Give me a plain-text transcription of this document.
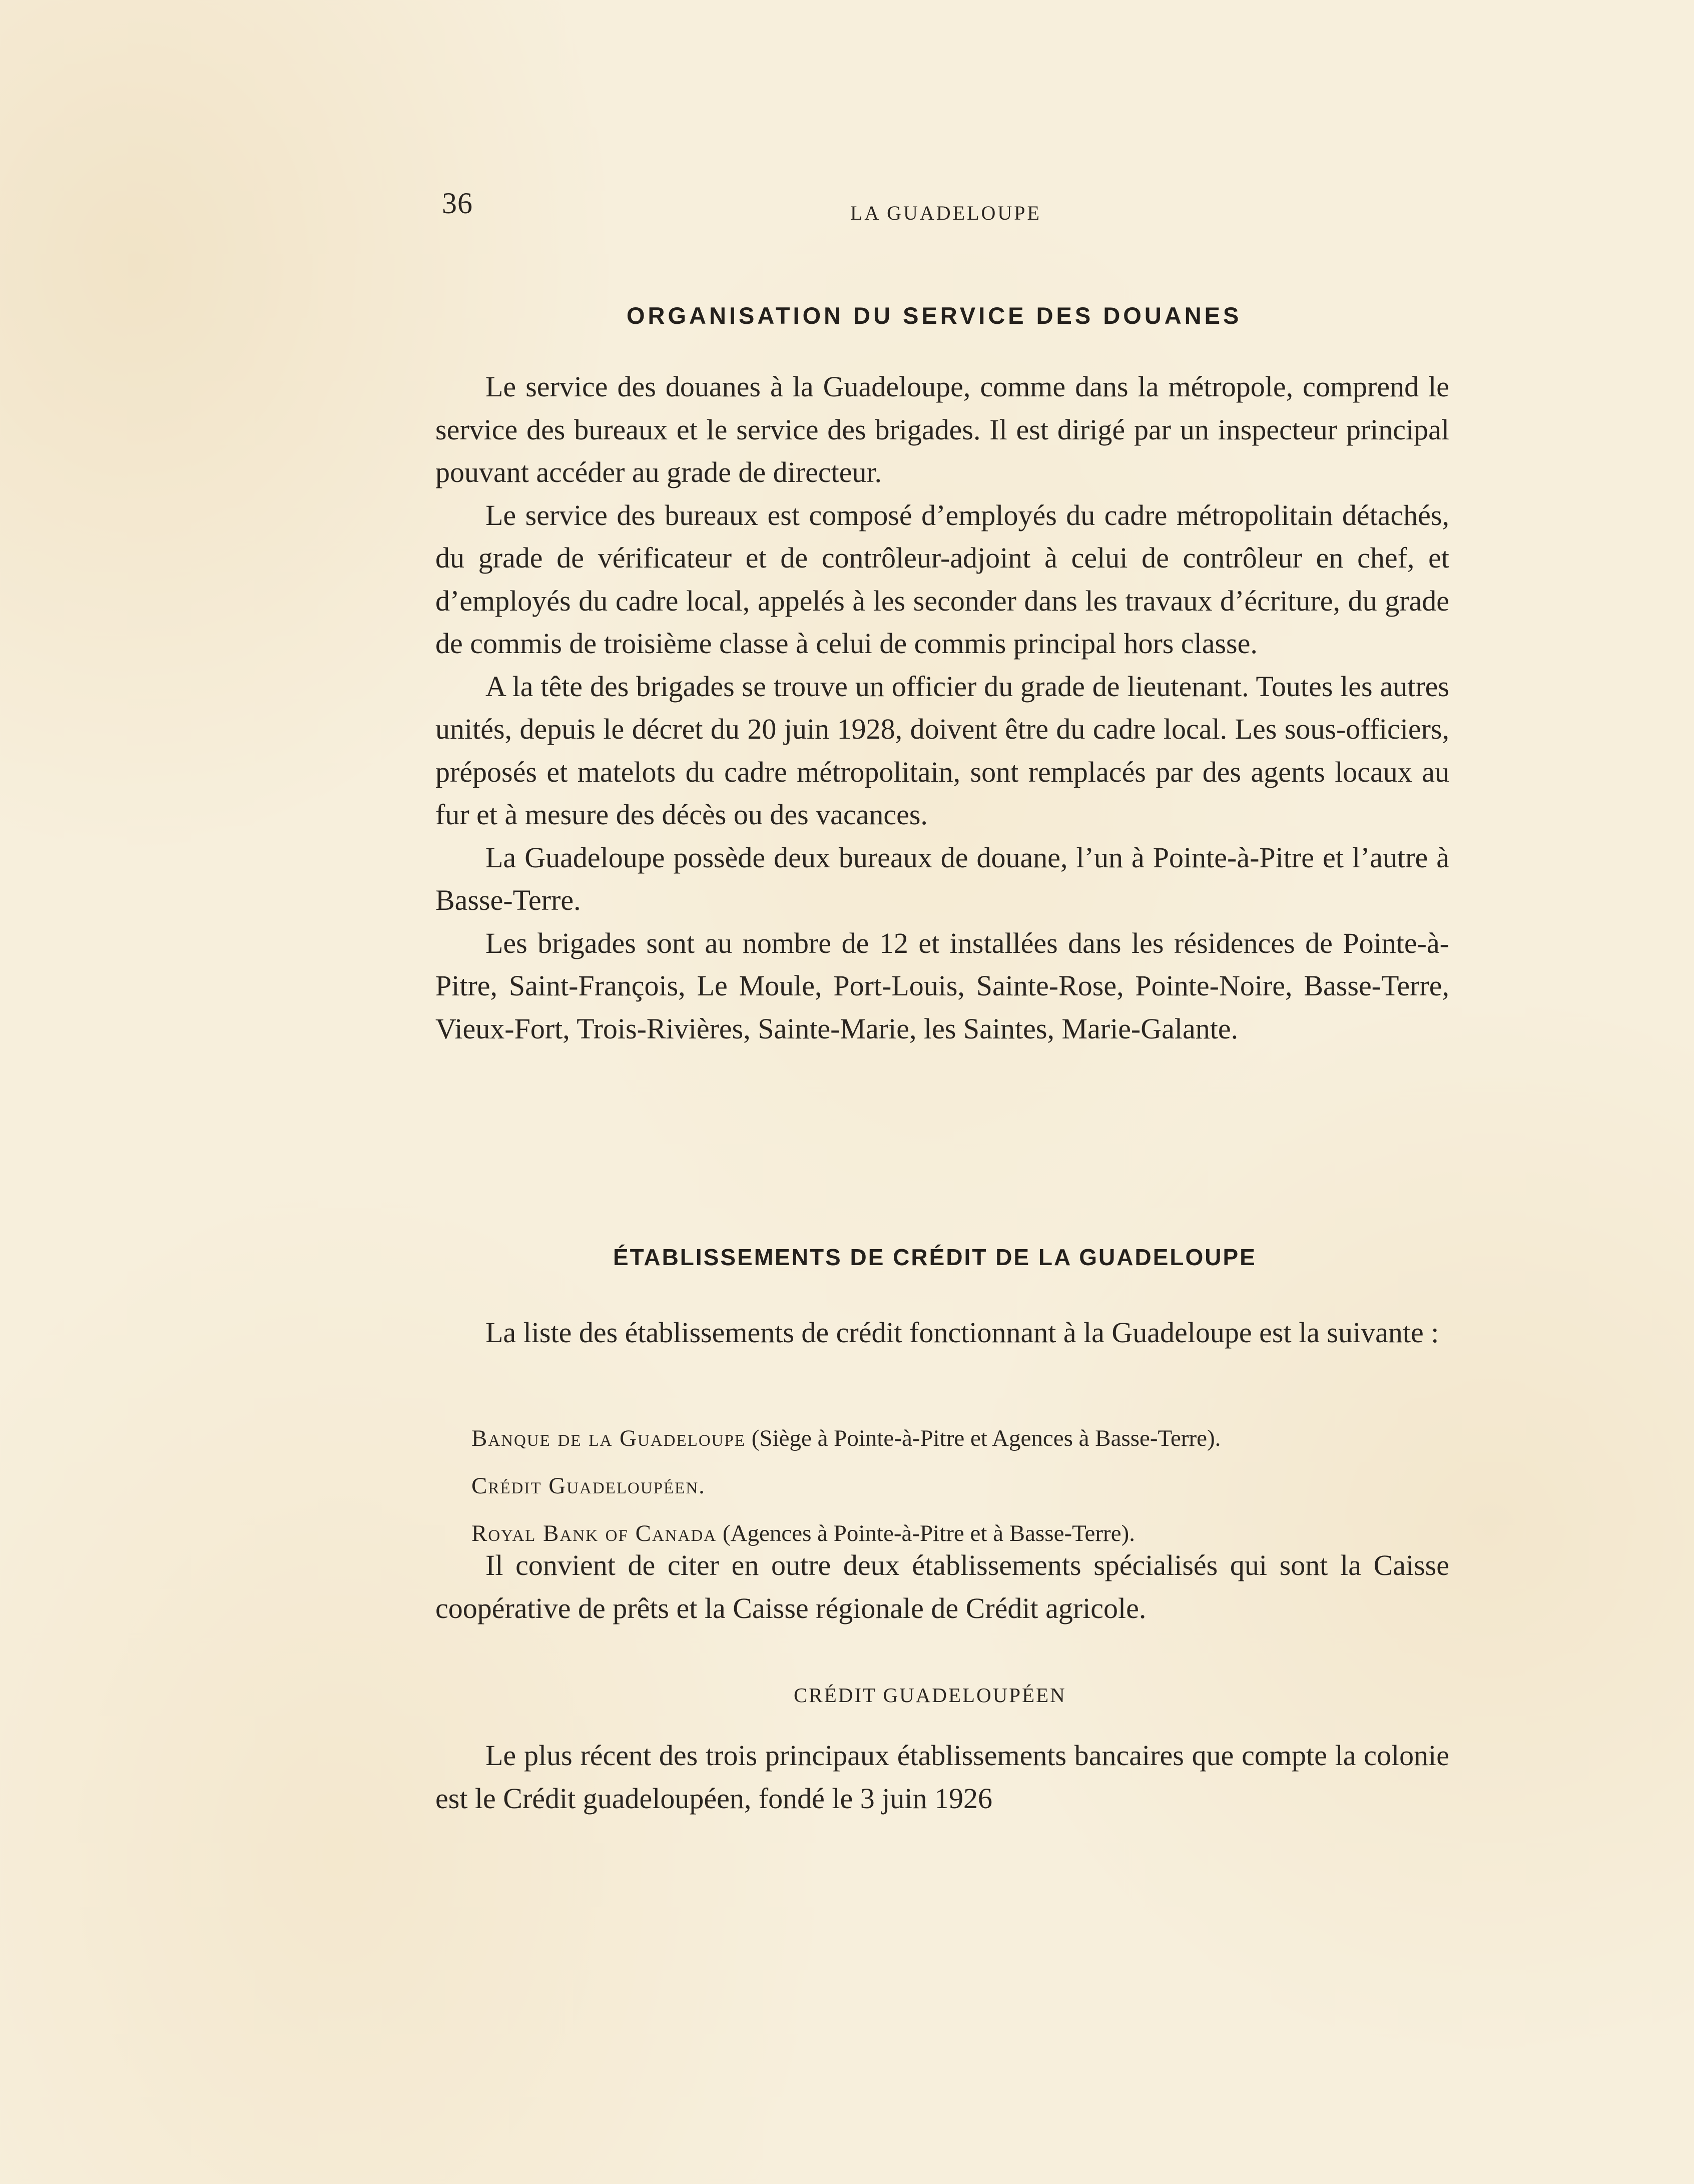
36	LA GUADELOUPE
ORGANISATION DU SERVICE DES DOUANES

Le service des douanes à la Guadeloupe, comme dans la métropole, comprend le service des bureaux et le service des brigades. Il est dirigé par un inspecteur principal pouvant accéder au grade de directeur.

Le service des bureaux est composé d’employés du cadre métropolitain détachés, du grade de vérificateur et de contrôleur-adjoint à celui de contrôleur en chef, et d’employés du cadre local, appelés à les seconder dans les travaux d’écriture, du grade de commis de troisième classe à celui de commis principal hors classe.

A la tête des brigades se trouve un officier du grade de lieutenant. Toutes les autres unités, depuis le décret du 20 juin 1928, doivent être du cadre local. Les sous-officiers, préposés et matelots du cadre métropolitain, sont remplacés par des agents locaux au fur et à mesure des décès ou des vacances.

La Guadeloupe possède deux bureaux de douane, l’un à Pointe-à-Pitre et l’autre à Basse-Terre.

Les brigades sont au nombre de 12 et installées dans les résidences de Pointe-à-Pitre, Saint-François, Le Moule, Port-Louis, Sainte-Rose, Pointe-Noire, Basse-Terre, Vieux-Fort, Trois-Rivières, Sainte-Marie, les Saintes, Marie-Galante.

ÉTABLISSEMENTS DE CRÉDIT DE LA GUADELOUPE

La liste des établissements de crédit fonctionnant à la Guadeloupe est la suivante :

Banque de la Guadeloupe (Siège à Pointe-à-Pitre et Agences à Basse-Terre).
Crédit Guadeloupéen.
Royal Bank of Canada (Agences à Pointe-à-Pitre et à Basse-Terre).

Il convient de citer en outre deux établissements spécialisés qui sont la Caisse coopérative de prêts et la Caisse régionale de Crédit agricole.

CRÉDIT GUADELOUPÉEN

Le plus récent des trois principaux établissements bancaires que compte la colonie est le Crédit guadeloupéen, fondé le 3 juin 1926
